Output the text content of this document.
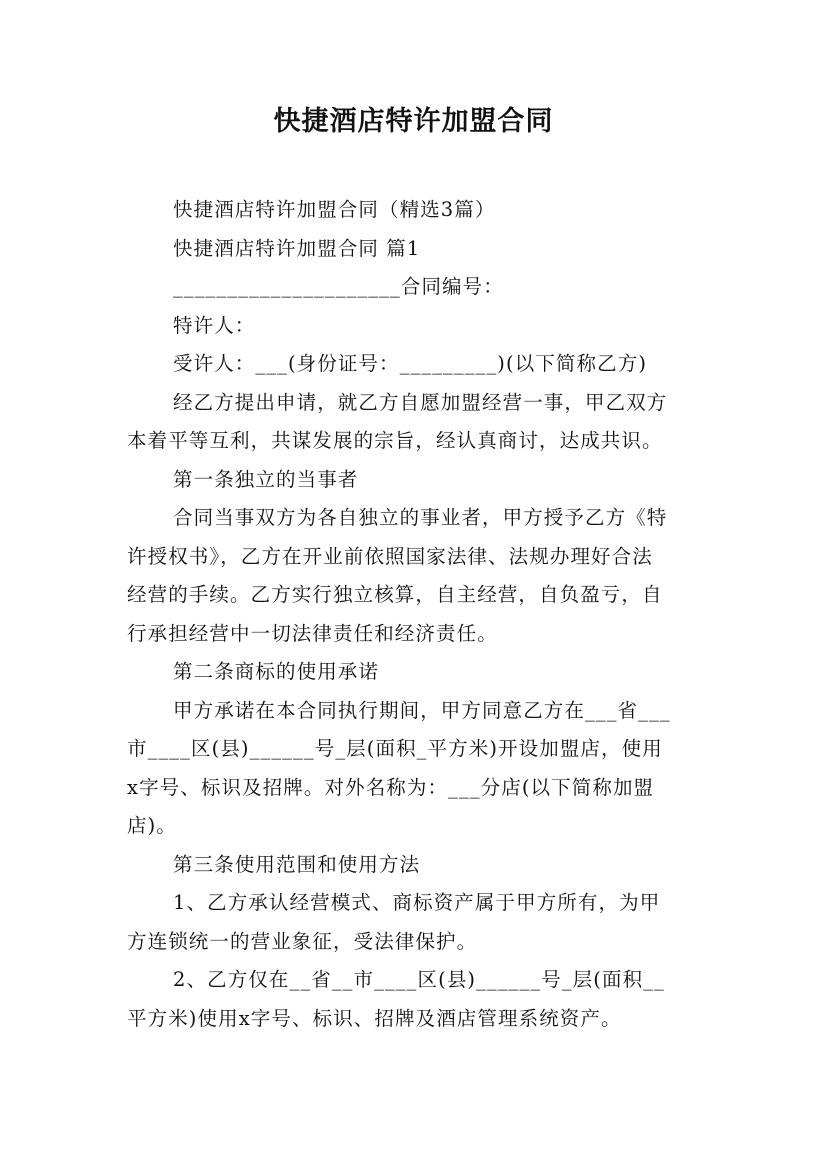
快捷酒店特许加盟合同

快捷酒店特许加盟合同（精选3篇）

快捷酒店特许加盟合同 篇1

_____________________合同编号：

特许人：

受许人：___(身份证号：_________)(以下简称乙方)

经乙方提出申请，就乙方自愿加盟经营一事，甲乙双方

本着平等互利，共谋发展的宗旨，经认真商讨，达成共识。

第一条独立的当事者

合同当事双方为各自独立的事业者，甲方授予乙方《特

许授权书》，乙方在开业前依照国家法律、法规办理好合法

经营的手续。乙方实行独立核算，自主经营，自负盈亏，自

行承担经营中一切法律责任和经济责任。

第二条商标的使用承诺

甲方承诺在本合同执行期间，甲方同意乙方在___省___

市____区(县)______号_层(面积_平方米)开设加盟店，使用

x字号、标识及招牌。对外名称为：___分店(以下简称加盟

店)。

第三条使用范围和使用方法

1、乙方承认经营模式、商标资产属于甲方所有，为甲

方连锁统一的营业象征，受法律保护。

2、乙方仅在__省__市____区(县)______号_层(面积__

平方米)使用x字号、标识、招牌及酒店管理系统资产。
